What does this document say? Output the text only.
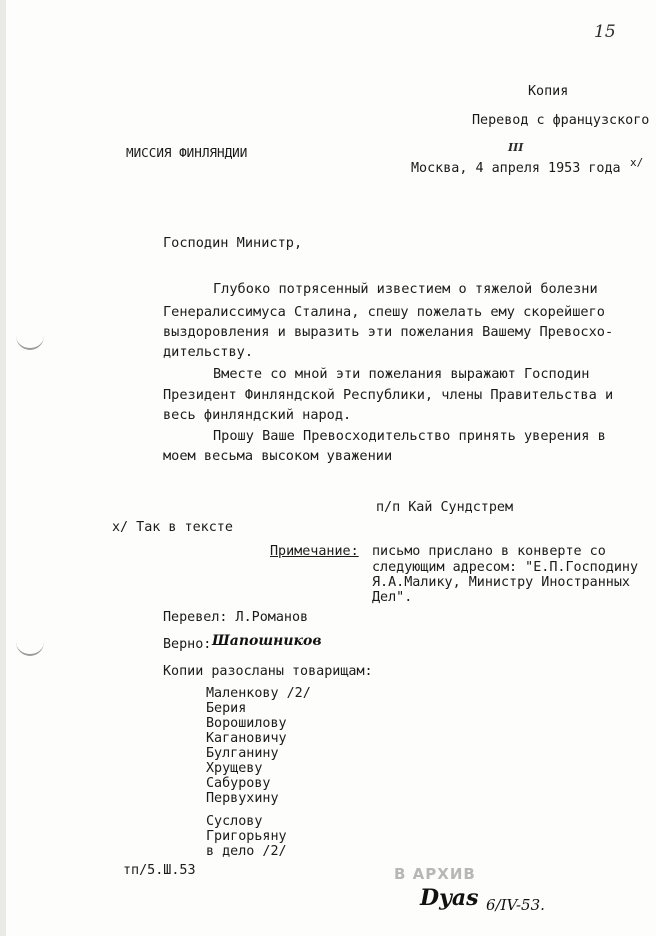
15
Копия
Перевод с французского
МИССИЯ ФИНЛЯНДИИ	III
Москва, 4 апреля 1953 года x/
Господин Министр,
Глубоко потрясенный известием о тяжелой болезни
Генералиссимуса Сталина, спешу пожелать ему скорейшего
выздоровления и выразить эти пожелания Вашему Превосхо-
дительству.
Вместе со мной эти пожелания выражают Господин
Президент Финляндской Республики, члены Правительства и
весь финляндский народ.
Прошу Ваше Превосходительство принять уверения в
моем весьма высоком уважении
п/п Кай Сундстрем
x/ Так в тексте
Примечание: письмо прислано в конверте со
следующим адресом: "Е.П.Господину
Я.А.Малику, Министру Иностранных
Дел".
Перевел: Л.Романов
Верно: Шапошников
Копии разосланы товарищам:
Маленкову /2/
Берия
Ворошилову
Кагановичу
Булганину
Хрущеву
Сабурову
Первухину
Суслову
Григорьяну
в дело /2/
тп/5.Ш.53	В АРХИВ
Dyas 6/IV-53.
